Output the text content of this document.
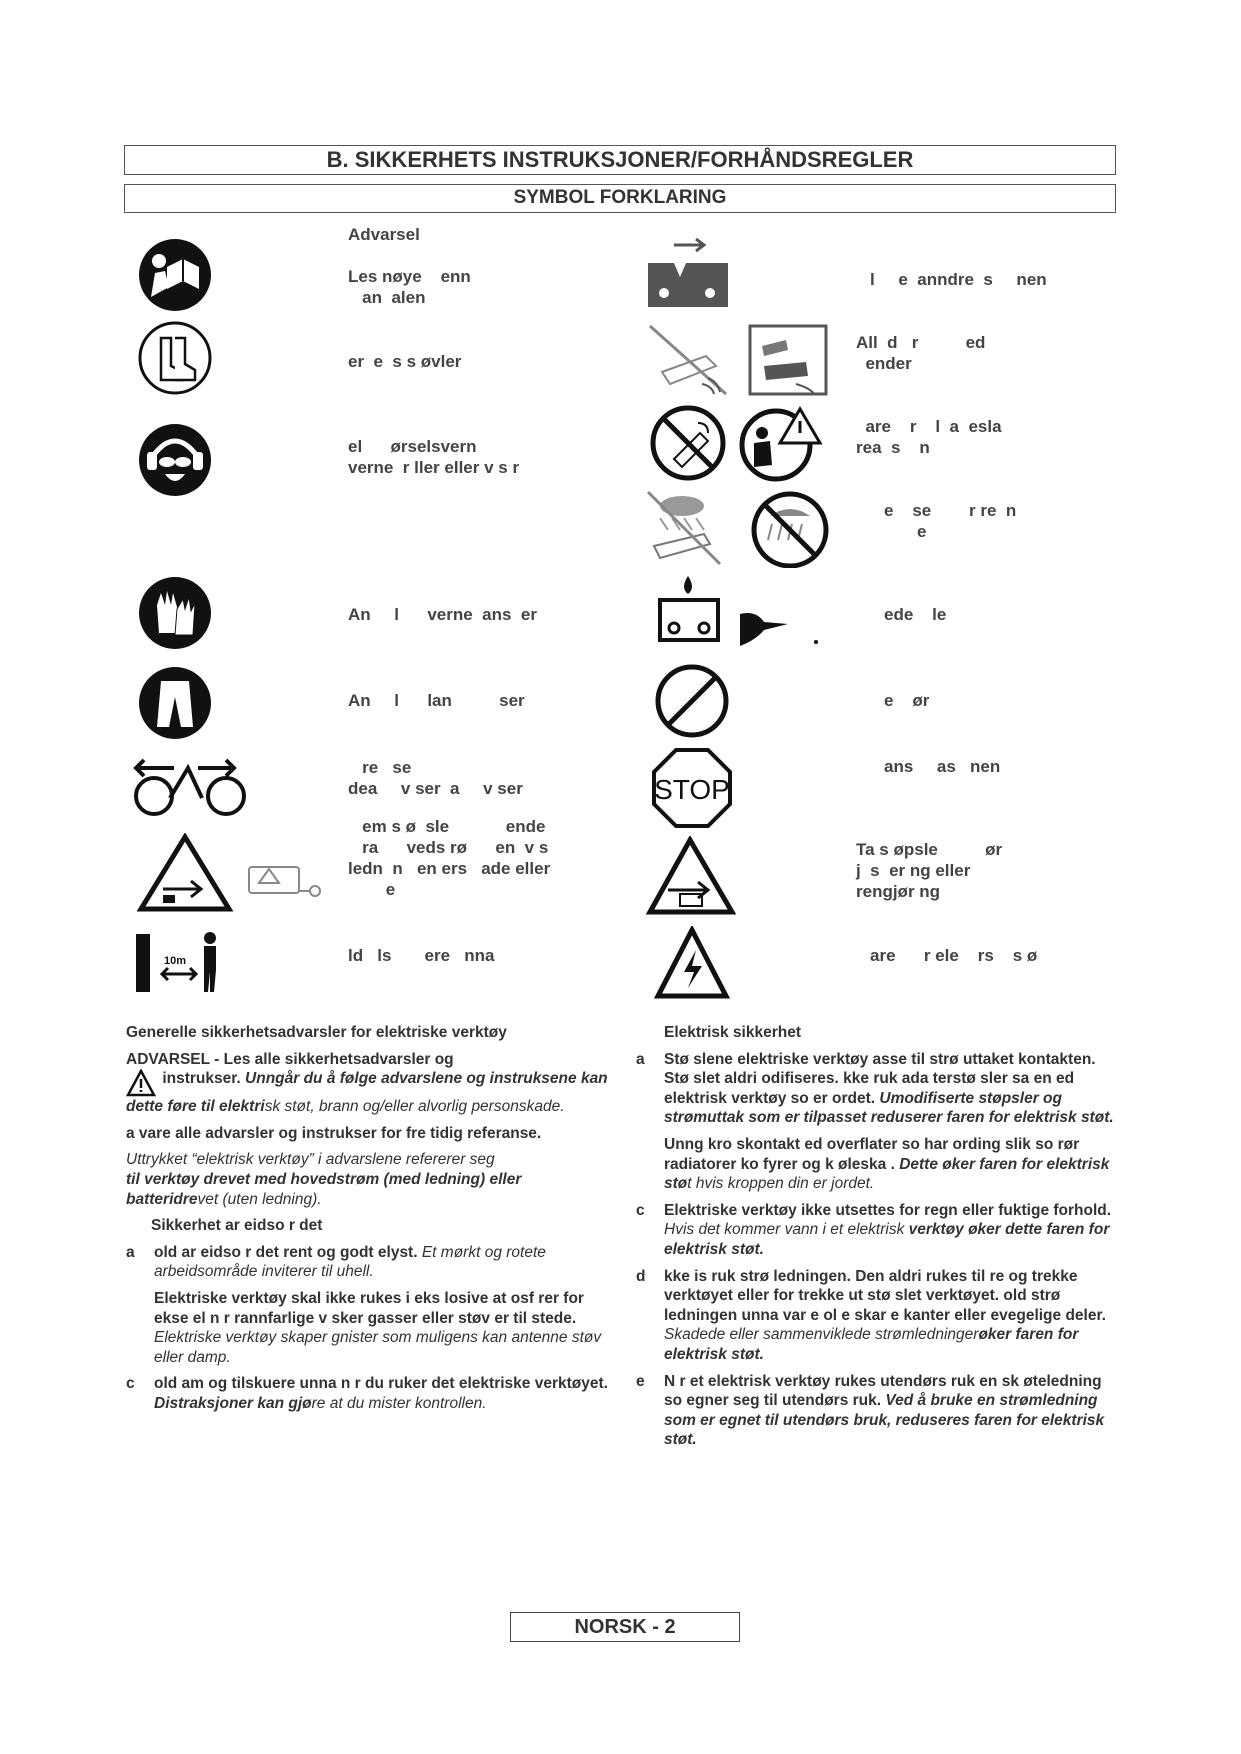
B. SIKKERHETS INSTRUKSJONER/FORHÅNDSREGLER
SYMBOL FORKLARING
Advarsel

Les nøye    enn
an  alen
er  e  s s øvler
el      ørselsvern
verne  r ller eller v s r
An     l      verne  ans  er
An     l      lan          ser
re   se
dea     v ser  a     v ser
em s ø  sle            ende
ra      veds rø      en  v s
ledn  n   en ers   ade eller
e
10m	ld   ls       ere   nna
l     e  anndre  s     nen
All  d   r          ed
ender
are    r    l  a  esla
rea  s    n
e    se        r re  n
e
ede    le
e    ør
STOP
ans     as   nen
Ta s øpsle          ør
j  s  er ng eller
rengjør ng
are      r ele    rs    s ø

Generelle sikkerhetsadvarsler for elektriske verktøy

ADVARSEL - Les alle sikkerhetsadvarsler og

instrukser. Unngår du å følge advarslene og instruksene kan dette føre til elektrisk støt, brann og/eller alvorlig personskade.

a vare alle advarsler og instrukser for fre tidig referanse.

Uttrykket “elektrisk verktøy” i advarslene refererer seg
til verktøy drevet med hovedstrøm (med ledning) eller batteridrevet (uten ledning).

Sikkerhet ar eidso r det

a old ar eidso r det rent og godt elyst. Et mørkt og rotete arbeidsområde inviterer til uhell.

Elektriske verktøy skal ikke rukes i eks losive at osf rer for ekse el n r rannfarlige v sker gasser eller støv er til stede. Elektriske verktøy skaper gnister som muligens kan antenne støv eller damp.

c old am og tilskuere unna n r du ruker det elektriske verktøyet. Distraksjoner kan gjøre at du mister kontrollen.

Elektrisk sikkerhet

a Stø slene elektriske verktøy asse til strø uttaket kontakten. Stø slet aldri odifiseres. kke ruk ada terstø sler sa en ed elektrisk verktøy so er ordet. Umodifiserte støpsler og strømuttak som er tilpasset reduserer faren for elektrisk støt.

Unng kro skontakt ed overflater so har ording slik so rør radiatorer ko fyrer og k øleska . Dette øker faren for elektrisk støt hvis kroppen din er jordet.

c Elektriske verktøy ikke utsettes for regn eller fuktige forhold. Hvis det kommer vann i et elektrisk verktøy øker dette faren for elektrisk støt.

d kke is ruk strø ledningen. Den aldri rukes til re og trekke verktøyet eller for trekke ut stø slet verktøyet. old strø ledningen unna var e ol e skar e kanter eller evegelige deler. Skadede eller sammenviklede strømledningerøker faren for elektrisk støt.

e N r et elektrisk verktøy rukes utendørs ruk en sk øteledning so egner seg til utendørs ruk. Ved å bruke en strømledning som er egnet til utendørs bruk, reduseres faren for elektrisk støt.

NORSK - 2
